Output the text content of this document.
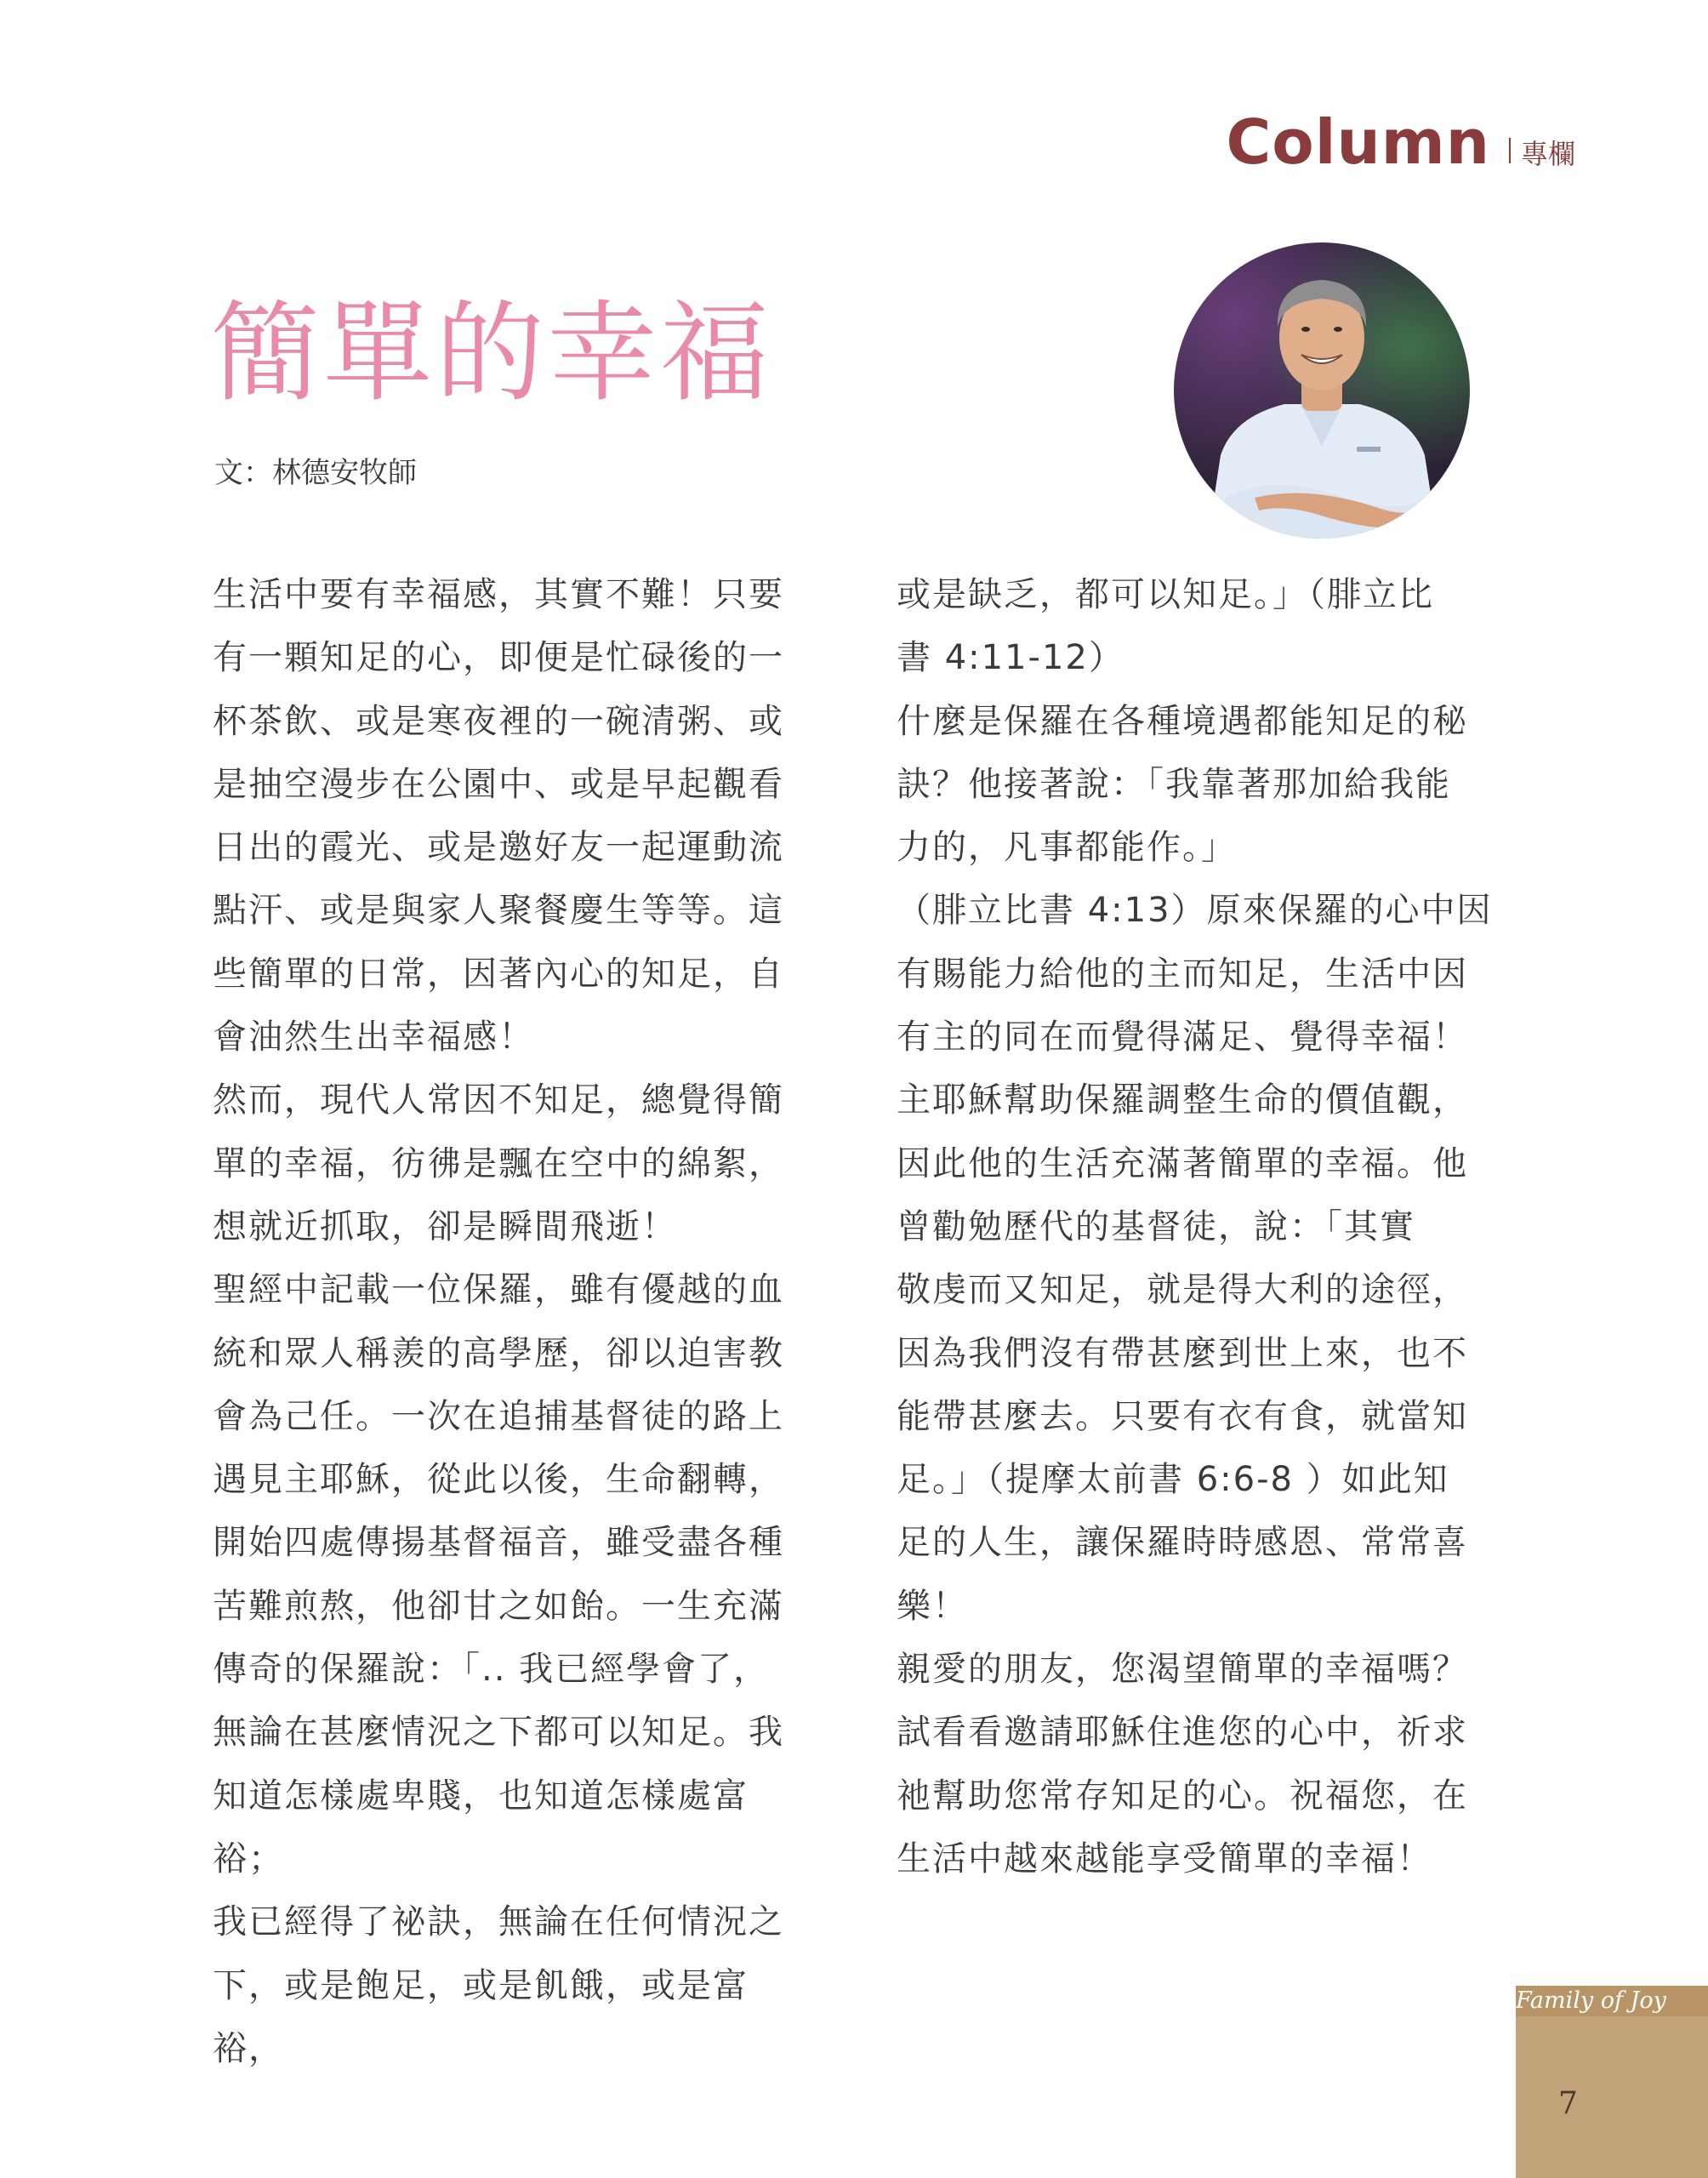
Column 專欄
簡單的幸福
文：林德安牧師

生活中要有幸福感，其實不難！只要
有一顆知足的心，即便是忙碌後的一
杯茶飲、或是寒夜裡的一碗清粥、或
是抽空漫步在公園中、或是早起觀看
日出的霞光、或是邀好友一起運動流
點汗、或是與家人聚餐慶生等等。這
些簡單的日常，因著內心的知足，自
會油然生出幸福感！

然而，現代人常因不知足，總覺得簡
單的幸福，彷彿是飄在空中的綿絮，
想就近抓取，卻是瞬間飛逝！

聖經中記載一位保羅，雖有優越的血
統和眾人稱羨的高學歷，卻以迫害教
會為己任。一次在追捕基督徒的路上
遇見主耶穌，從此以後，生命翻轉，
開始四處傳揚基督福音，雖受盡各種
苦難煎熬，他卻甘之如飴。一生充滿
傳奇的保羅說：「.. 我已經學會了，
無論在甚麼情況之下都可以知足。我
知道怎樣處卑賤，也知道怎樣處富裕；
我已經得了祕訣，無論在任何情況之
下，或是飽足，或是飢餓，或是富裕，

或是缺乏，都可以知足。」（腓立比
書 4:11-12）

什麼是保羅在各種境遇都能知足的秘
訣？他接著說：「我靠著那加給我能
力的，凡事都能作。」

（腓立比書 4:13）原來保羅的心中因
有賜能力給他的主而知足，生活中因
有主的同在而覺得滿足、覺得幸福！

主耶穌幫助保羅調整生命的價值觀，
因此他的生活充滿著簡單的幸福。他
曾勸勉歷代的基督徒，說：「其實
敬虔而又知足，就是得大利的途徑，
因為我們沒有帶甚麼到世上來，也不
能帶甚麼去。只要有衣有食，就當知
足。」（提摩太前書 6:6-8 ）如此知
足的人生，讓保羅時時感恩、常常喜
樂！

親愛的朋友，您渴望簡單的幸福嗎？
試看看邀請耶穌住進您的心中，祈求
祂幫助您常存知足的心。祝福您，在
生活中越來越能享受簡單的幸福！

Family of Joy
7
